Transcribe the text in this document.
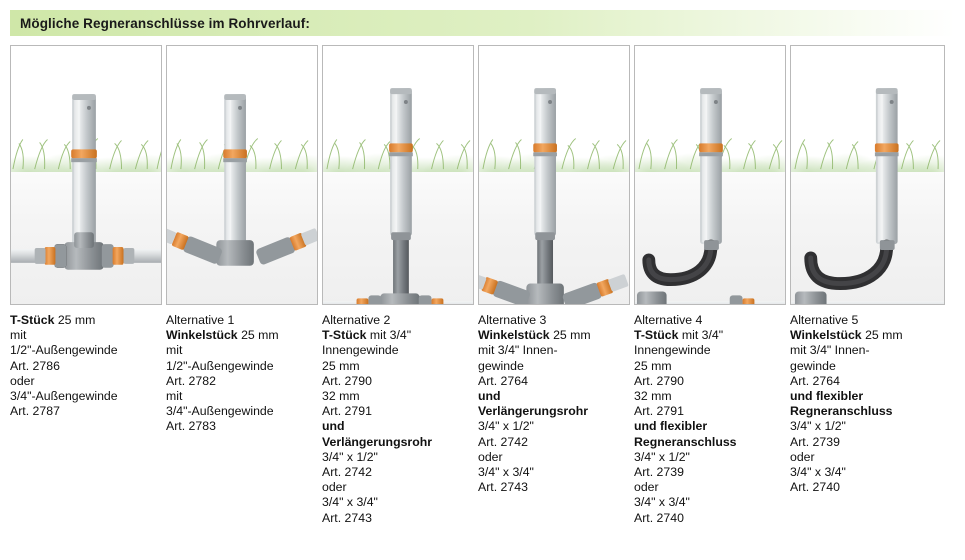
Mögliche Regneranschlüsse im Rohrverlauf:
T-Stück 25 mm
mit
1/2"-Außengewinde
Art. 2786
oder
3/4"-Außengewinde
Art. 2787
Alternative 1
Winkelstück 25 mm
mit
1/2"-Außengewinde
Art. 2782
mit
3/4"-Außengewinde
Art. 2783
Alternative 2
T-Stück mit 3/4"
Innengewinde
25 mm
Art. 2790
32 mm
Art. 2791
und
Verlängerungsrohr
3/4" x 1/2"
Art. 2742
oder
3/4" x 3/4"
Art. 2743
Alternative 3
Winkelstück 25 mm
mit 3/4" Innen-
gewinde
Art. 2764
und
Verlängerungsrohr
3/4" x 1/2"
Art. 2742
oder
3/4" x 3/4"
Art. 2743
Alternative 4
T-Stück mit 3/4"
Innengewinde
25 mm
Art. 2790
32 mm
Art. 2791
und flexibler
Regneranschluss
3/4" x 1/2"
Art. 2739
oder
3/4" x 3/4"
Art. 2740
Alternative 5
Winkelstück 25 mm
mit 3/4" Innen-
gewinde
Art. 2764
und flexibler
Regneranschluss
3/4" x 1/2"
Art. 2739
oder
3/4" x 3/4"
Art. 2740
